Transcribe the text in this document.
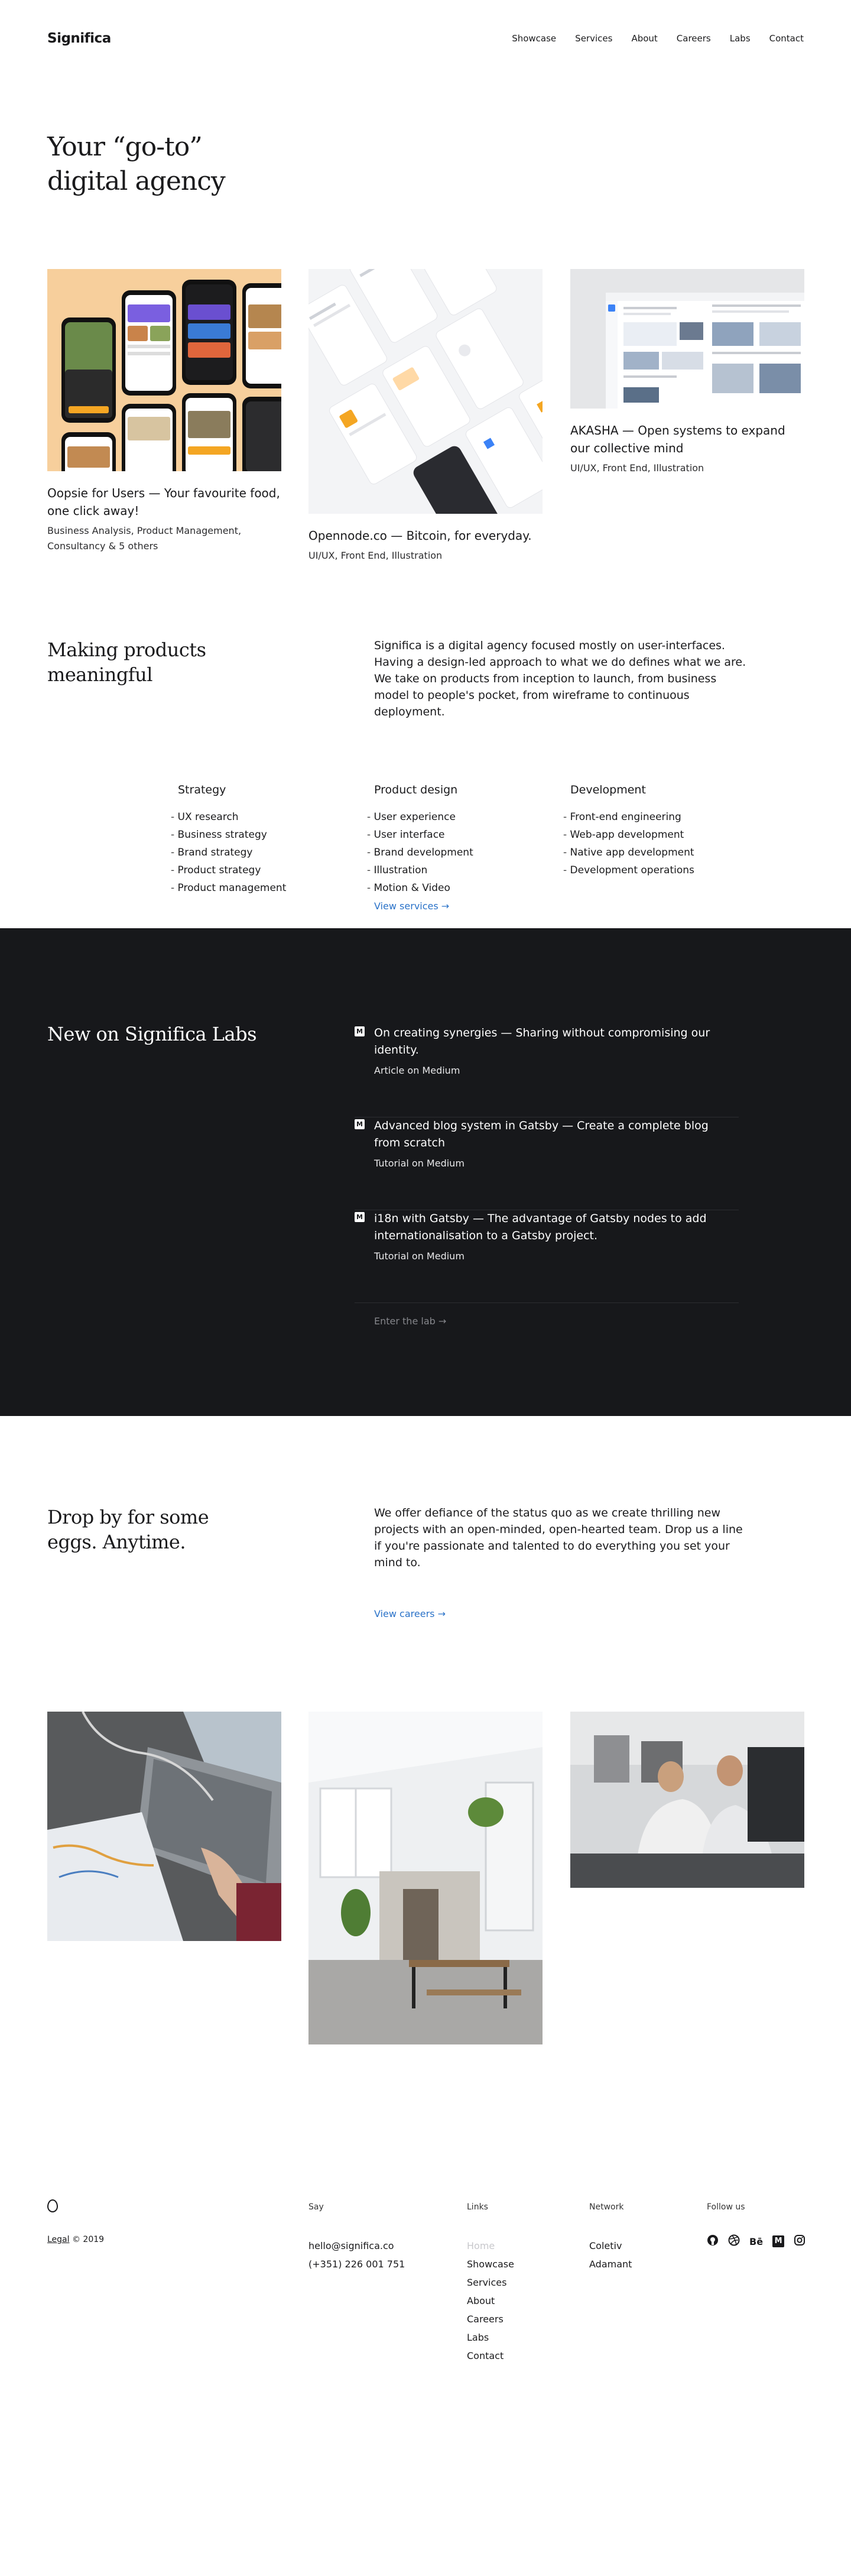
Significa	Showcase Services About Careers Labs Contact
Your “go-to”
digital agency
Oopsie for Users — Your favourite food, one click away!
Business Analysis, Product Management, Consultancy & 5 others
Opennode.co — Bitcoin, for everyday.
UI/UX, Front End, Illustration
AKASHA — Open systems to expand our collective mind
UI/UX, Front End, Illustration
Making products meaningful

Significa is a digital agency focused mostly on user-interfaces. Having a design-led approach to what we do defines what we are. We take on products from inception to launch, from business model to people's pocket, from wireframe to continuous deployment.

Strategy
- UX research
- Business strategy
- Brand strategy
- Product strategy
- Product management
Product design
- User experience
- User interface
- Brand development
- Illustration
- Motion & Video
Development
- Front-end engineering
- Web-app development
- Native app development
- Development operations
View services →
New on Significa Labs	M On creating synergies — Sharing without compromising our identity.
Article on Medium
M Advanced blog system in Gatsby — Create a complete blog from scratch
Tutorial on Medium
M i18n with Gatsby — The advantage of Gatsby nodes to add internationalisation to a Gatsby project.
Tutorial on Medium
Enter the lab →
Drop by for some eggs. Anytime.

We offer defiance of the status quo as we create thrilling new projects with an open-minded, open-hearted team. Drop us a line if you're passionate and talented to do everything you set your mind to.

View careers →
Legal © 2019
Say
hello@significa.co
(+351) 226 001 751
Links
Home
Showcase
Services
About
Careers
Labs
Contact
Network
Coletiv
Adamant
Follow us
Bē M
